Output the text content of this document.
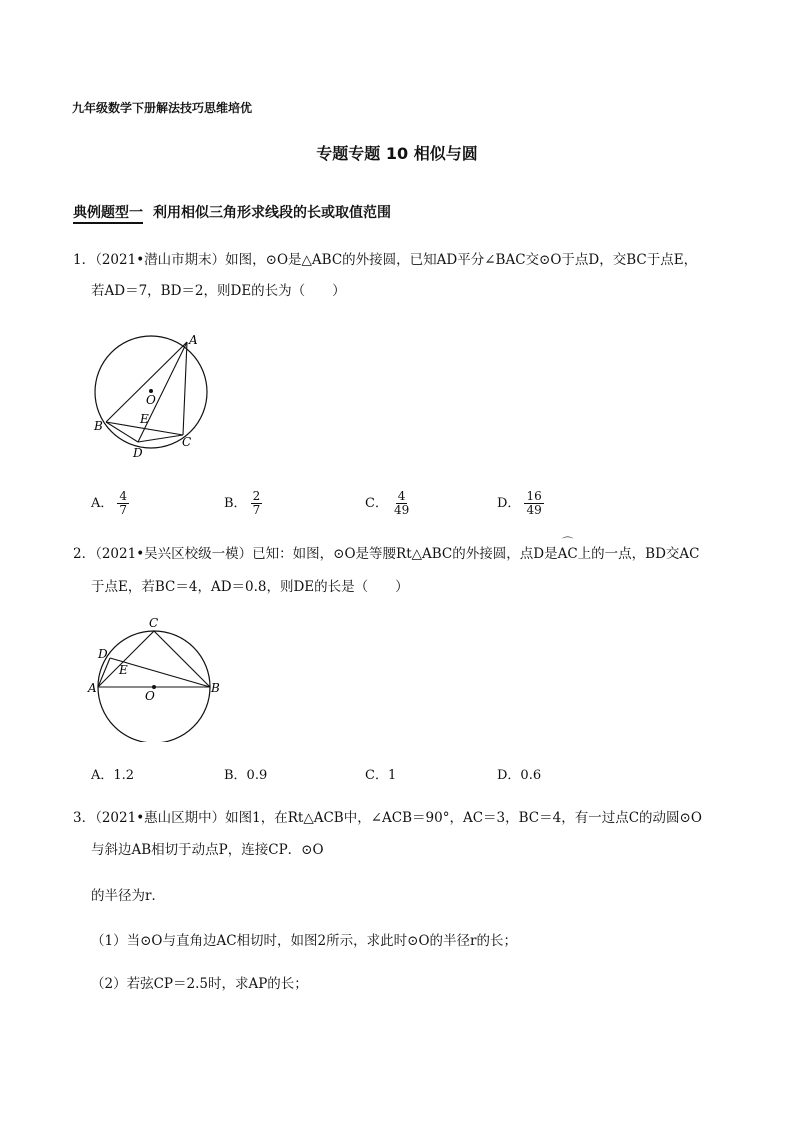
九年级数学下册解法技巧思维培优
专题专题 10 相似与圆
典例题型一 利用相似三角形求线段的长或取值范围
1．（2021•潜山市期末）如图，⊙O是△ABC的外接圆，已知AD平分∠BAC交⊙O于点D，交BC于点E，
若AD＝7，BD＝2，则DE的长为（　　）
A
O
E
B
D
C
A． $\frac{4}{7}$	B． $\frac{2}{7}$	C． $\frac{4}{49}$	D． $\frac{16}{49}$
2．（2021•吴兴区校级一模）已知：如图，⊙O是等腰Rt△ABC的外接圆，点D是⌒ AC上的一点，BD交AC
于点E，若BC＝4，AD＝0.8，则DE的长是（　　）
C
D
E
A
O
B
A．1.2	B．0.9	C．1	D．0.6
3．（2021•惠山区期中）如图1，在Rt△ACB中，∠ACB＝90°，AC＝3，BC＝4，有一过点C的动圆⊙O
与斜边AB相切于动点P，连接CP．⊙O
的半径为r．
（1）当⊙O与直角边AC相切时，如图2所示，求此时⊙O的半径r的长；
（2）若弦CP＝2.5时，求AP的长；
